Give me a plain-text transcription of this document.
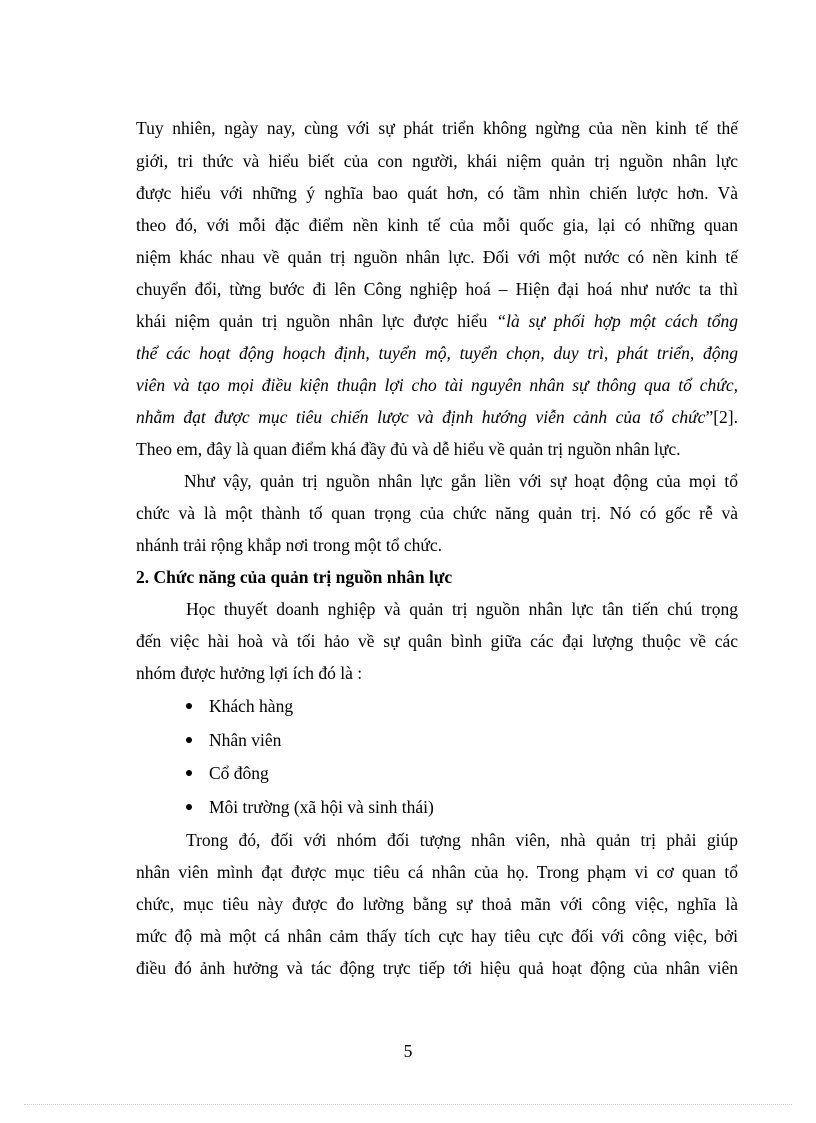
Tuy nhiên, ngày nay, cùng với sự phát triển không ngừng của nền kinh tế thế
giới, tri thức và hiểu biết của con người, khái niệm quản trị nguồn nhân lực
được hiểu với những ý nghĩa bao quát hơn, có tầm nhìn chiến lược hơn. Và
theo đó, với mỗi đặc điểm nền kinh tế của mỗi quốc gia, lại có những quan
niệm khác nhau về quản trị nguồn nhân lực. Đối với một nước có nền kinh tế
chuyển đổi, từng bước đi lên Công nghiệp hoá – Hiện đại hoá như nước ta thì
khái niệm quản trị nguồn nhân lực được hiểu “là sự phối hợp một cách tổng
thể các hoạt động hoạch định, tuyển mộ, tuyển chọn, duy trì, phát triển, động
viên và tạo mọi điều kiện thuận lợi cho tài nguyên nhân sự thông qua tổ chức,
nhằm đạt được mục tiêu chiến lược và định hướng viễn cảnh của tổ chức”[2].
Theo em, đây là quan điểm khá đầy đủ và dễ hiểu về quản trị nguồn nhân lực.
Như vậy, quản trị nguồn nhân lực gắn liền với sự hoạt động của mọi tổ
chức và là một thành tố quan trọng của chức năng quản trị. Nó có gốc rễ và
nhánh trải rộng khắp nơi trong một tổ chức.
2. Chức năng của quản trị nguồn nhân lực
Học thuyết doanh nghiệp và quản trị nguồn nhân lực tân tiến chú trọng
đến việc hài hoà và tối hảo về sự quân bình giữa các đại lượng thuộc về các
nhóm được hưởng lợi ích đó là :
Khách hàng
Nhân viên
Cổ đông
Môi trường (xã hội và sinh thái)
Trong đó, đối với nhóm đối tượng nhân viên, nhà quản trị phải giúp
nhân viên mình đạt được mục tiêu cá nhân của họ. Trong phạm vi cơ quan tổ
chức, mục tiêu này được đo lường bằng sự thoả mãn với công việc, nghĩa là
mức độ mà một cá nhân cảm thấy tích cực hay tiêu cực đối với công việc, bởi
điều đó ảnh hưởng và tác động trực tiếp tới hiệu quả hoạt động của nhân viên
5
